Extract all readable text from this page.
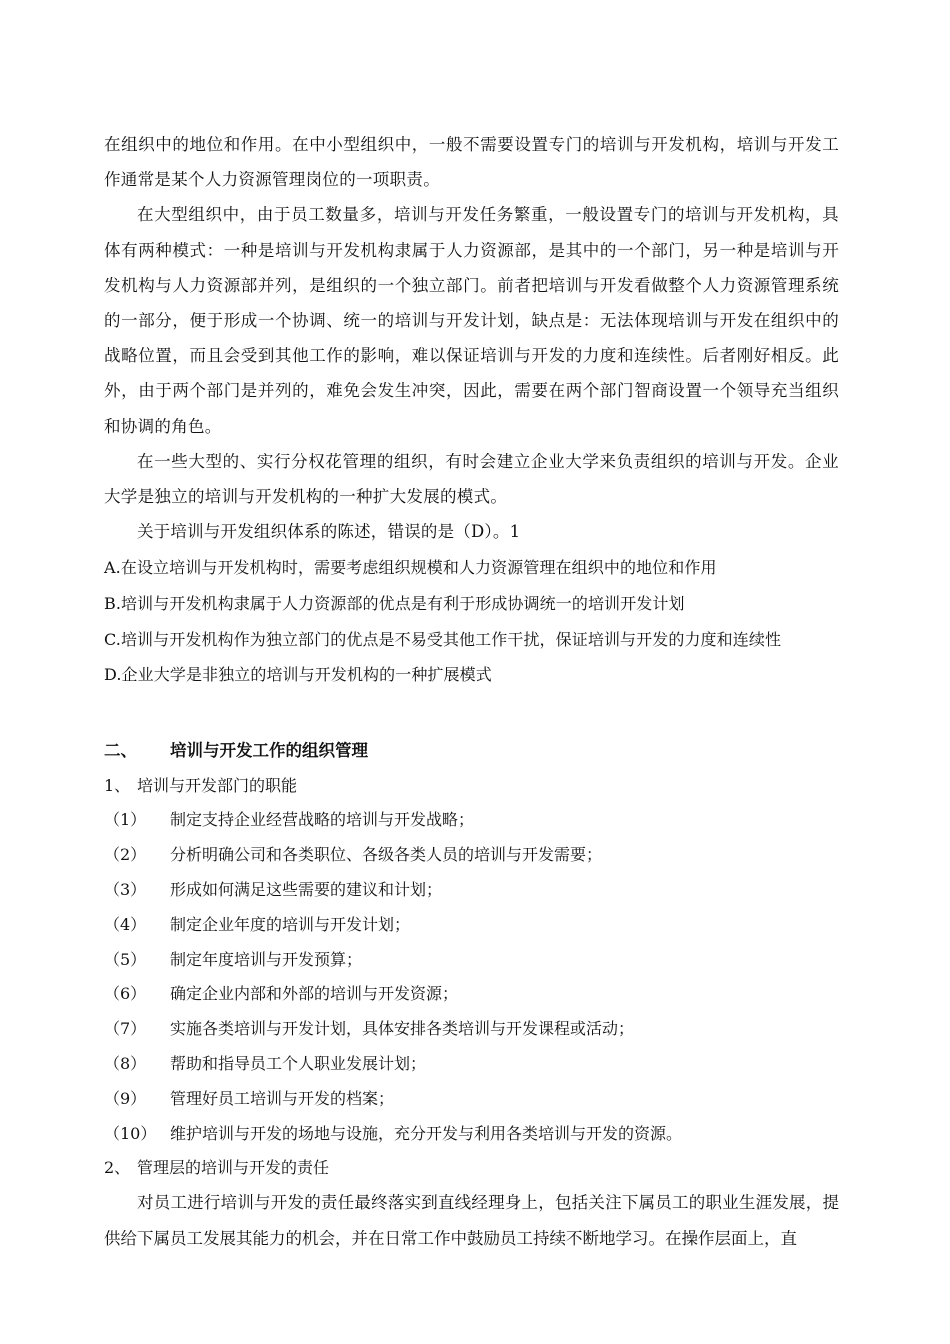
在组织中的地位和作用。在中小型组织中，一般不需要设置专门的培训与开发机构，培训与开发工作通常是某个人力资源管理岗位的一项职责。

在大型组织中，由于员工数量多，培训与开发任务繁重，一般设置专门的培训与开发机构，具体有两种模式：一种是培训与开发机构隶属于人力资源部，是其中的一个部门，另一种是培训与开发机构与人力资源部并列，是组织的一个独立部门。前者把培训与开发看做整个人力资源管理系统的一部分，便于形成一个协调、统一的培训与开发计划，缺点是：无法体现培训与开发在组织中的战略位置，而且会受到其他工作的影响，难以保证培训与开发的力度和连续性。后者刚好相反。此外，由于两个部门是并列的，难免会发生冲突，因此，需要在两个部门智商设置一个领导充当组织和协调的角色。

在一些大型的、实行分权花管理的组织，有时会建立企业大学来负责组织的培训与开发。企业大学是独立的培训与开发机构的一种扩大发展的模式。

关于培训与开发组织体系的陈述，错误的是（D）。1

A.在设立培训与开发机构时，需要考虑组织规模和人力资源管理在组织中的地位和作用

B.培训与开发机构隶属于人力资源部的优点是有利于形成协调统一的培训开发计划

C.培训与开发机构作为独立部门的优点是不易受其他工作干扰，保证培训与开发的力度和连续性

D.企业大学是非独立的培训与开发机构的一种扩展模式

二、 培训与开发工作的组织管理
1、 培训与开发部门的职能
（1） 制定支持企业经营战略的培训与开发战略；
（2） 分析明确公司和各类职位、各级各类人员的培训与开发需要；
（3） 形成如何满足这些需要的建议和计划；
（4） 制定企业年度的培训与开发计划；
（5） 制定年度培训与开发预算；
（6） 确定企业内部和外部的培训与开发资源；
（7） 实施各类培训与开发计划，具体安排各类培训与开发课程或活动；
（8） 帮助和指导员工个人职业发展计划；
（9） 管理好员工培训与开发的档案；
（10） 维护培训与开发的场地与设施，充分开发与利用各类培训与开发的资源。
2、 管理层的培训与开发的责任

对员工进行培训与开发的责任最终落实到直线经理身上，包括关注下属员工的职业生涯发展，提供给下属员工发展其能力的机会，并在日常工作中鼓励员工持续不断地学习。在操作层面上，直
